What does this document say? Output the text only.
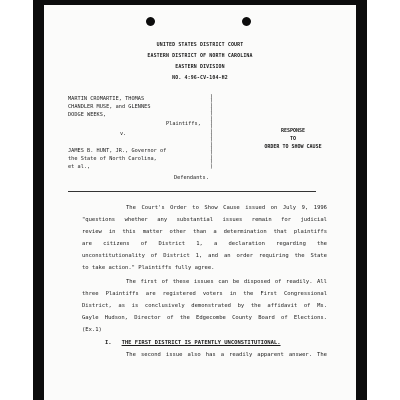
UNITED STATES DISTRICT COURT
EASTERN DISTRICT OF NORTH CAROLINA
EASTERN DIVISION
NO. 4:96-CV-104-H2
MARTIN CROMARTIE, THOMAS
CHANDLER MUSE, and GLENNES
DODGE WEEKS,
Plaintiffs,
v.
JAMES B. HUNT, JR., Governor of
the State of North Carolina,
et al.,
Defendants.
)
)
)
)
)
)
)
)
)
)
)
)
)
)
)
)
)
RESPONSE
TO
ORDER TO SHOW CAUSE
The Court's Order to Show Cause issued on July 9, 1996
"questions whether any substantial issues remain for judicial
review in this matter other than a determination that plaintiffs
are citizens of District 1, a declaration regarding the
unconstitutionality of District 1, and an order requiring the State
to take action." Plaintiffs fully agree.
The first of these issues can be disposed of readily. All
three Plaintiffs are registered voters in the First Congressional
District, as is conclusively demonstrated by the affidavit of Ms.
Gayle Hudson, Director of the Edgecombe County Board of Elections.
(Ex.1)
I. THE FIRST DISTRICT IS PATENTLY UNCONSTITUTIONAL.
The second issue also has a readily apparent answer. The
